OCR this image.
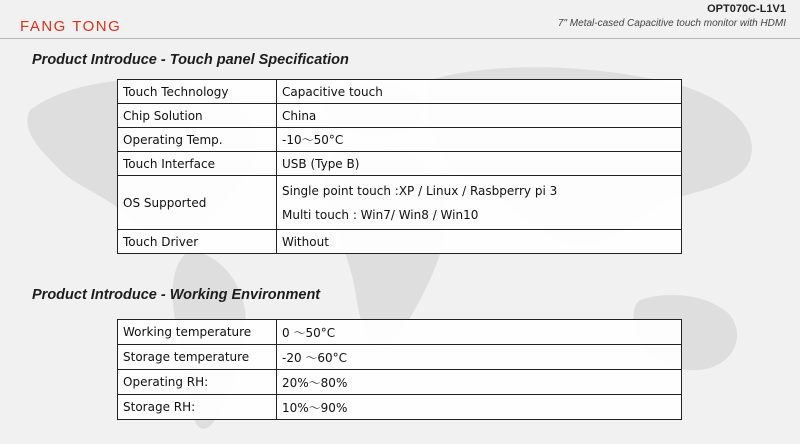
FANG TONG
OPT070C-L1V1
7" Metal-cased Capacitive touch monitor with HDMI
Product Introduce - Touch panel Specification
Touch Technology	Capacitive touch
Chip Solution	China
Operating Temp.	-10～50°C
Touch Interface	USB (Type B)
OS Supported	Single point touch :XP / Linux / Rasbperry pi 3
Multi touch : Win7/ Win8 / Win10

Touch Driver	Without
Product Introduce - Working Environment
Working temperature	0 ～50°C
Storage temperature	-20 ～60°C
Operating RH:	20%～80%
Storage RH:	10%～90%
